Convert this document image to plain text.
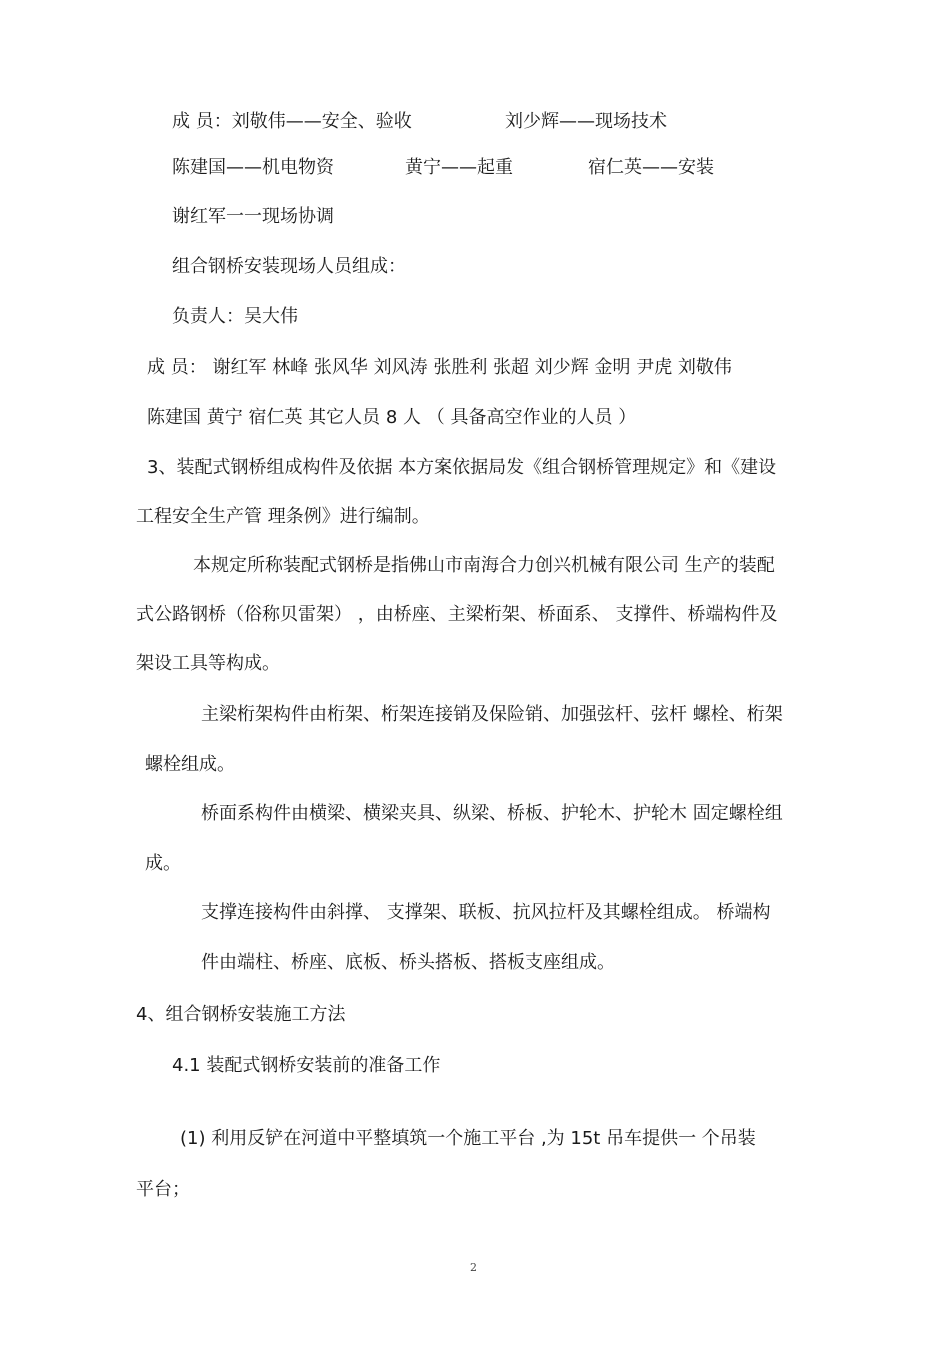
成 员：刘敬伟——安全、验收	刘少辉——现场技术
陈建国——机电物资	黄宁——起重	宿仁英——安装
谢红军一一现场协调
组合钢桥安装现场人员组成：
负责人：吴大伟
成 员： 谢红军 林峰 张风华 刘风涛 张胜利 张超 刘少辉 金明 尹虎 刘敬伟
陈建国 黄宁 宿仁英 其它人员 8 人 （ 具备高空作业的人员 ）
3、装配式钢桥组成构件及依据 本方案依据局发《组合钢桥管理规定》和《建设
工程安全生产管 理条例》进行编制。
本规定所称装配式钢桥是指佛山市南海合力创兴机械有限公司 生产的装配
式公路钢桥（俗称贝雷架） ，由桥座、主梁桁架、桥面系、 支撑件、桥端构件及
架设工具等构成。
主梁桁架构件由桁架、桁架连接销及保险销、加强弦杆、弦杆 螺栓、桁架
螺栓组成。
桥面系构件由横梁、横梁夹具、纵梁、桥板、护轮木、护轮木 固定螺栓组
成。
支撑连接构件由斜撑、 支撑架、联板、抗风拉杆及其螺栓组成。 桥端构
件由端柱、桥座、底板、桥头搭板、搭板支座组成。
4、组合钢桥安装施工方法
4.1 装配式钢桥安装前的准备工作
(1) 利用反铲在河道中平整填筑一个施工平台 ,为 15t 吊车提供一 个吊装
平台；
2
